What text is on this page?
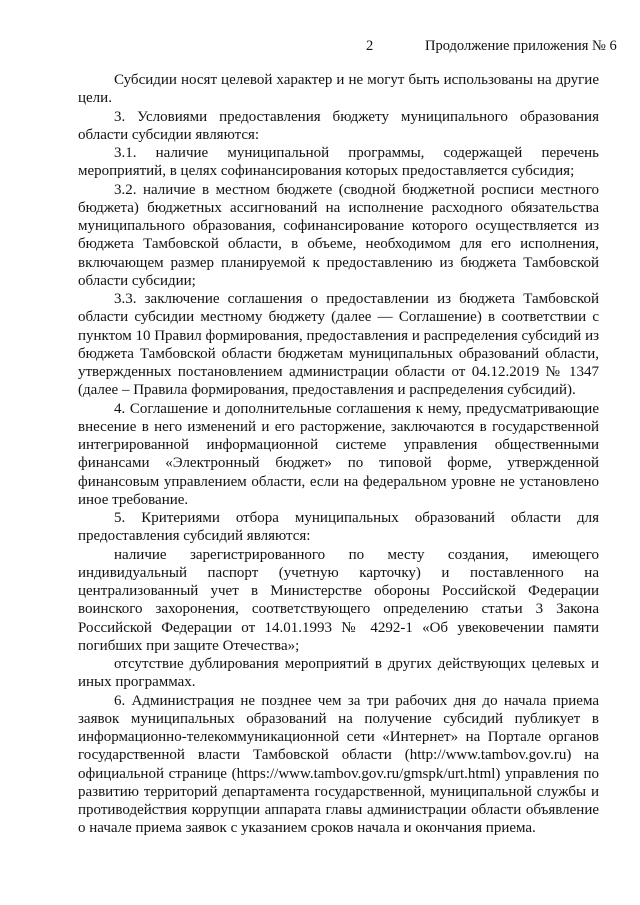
2	Продолжение приложения № 6

Субсидии носят целевой характер и не могут быть использованы на другие цели.

3. Условиями предоставления бюджету муниципального образования области субсидии являются:

3.1. наличие муниципальной программы, содержащей перечень мероприятий, в целях софинансирования которых предоставляется субсидия;

3.2. наличие в местном бюджете (сводной бюджетной росписи местного бюджета) бюджетных ассигнований на исполнение расходного обязательства муниципального образования, софинансирование которого осуществляется из бюджета Тамбовской области, в объеме, необходимом для его исполнения, включающем размер планируемой к предоставлению из бюджета Тамбовской области субсидии;

3.3. заключение соглашения о предоставлении из бюджета Тамбовской области субсидии местному бюджету (далее — Соглашение) в соответствии с пунктом 10 Правил формирования, предоставления и распределения субсидий из бюджета Тамбовской области бюджетам муниципальных образований области, утвержденных постановлением администрации области от 04.12.2019 № 1347 (далее – Правила формирования, предоставления и распределения субсидий).

4. Соглашение и дополнительные соглашения к нему, предусматривающие внесение в него изменений и его расторжение, заключаются в государственной интегрированной информационной системе управления общественными финансами «Электронный бюджет» по типовой форме, утвержденной финансовым управлением области, если на федеральном уровне не установлено иное требование.

5. Критериями отбора муниципальных образований области для предоставления субсидий являются:

наличие зарегистрированного по месту создания, имеющего индивидуальный паспорт (учетную карточку) и поставленного на централизованный учет в Министерстве обороны Российской Федерации воинского захоронения, соответствующего определению статьи 3 Закона Российской Федерации от 14.01.1993 № 4292-1 «Об увековечении памяти погибших при защите Отечества»;

отсутствие дублирования мероприятий в других действующих целевых и иных программах.

6. Администрация не позднее чем за три рабочих дня до начала приема заявок муниципальных образований на получение субсидий публикует в информационно-телекоммуникационной сети «Интернет» на Портале органов государственной власти Тамбовской области (http://www.tambov.gov.ru) на официальной странице (https://www.tambov.gov.ru/gmspk/urt.html) управления по развитию территорий департамента государственной, муниципальной службы и противодействия коррупции аппарата главы администрации области объявление о начале приема заявок с указанием сроков начала и окончания приема.
